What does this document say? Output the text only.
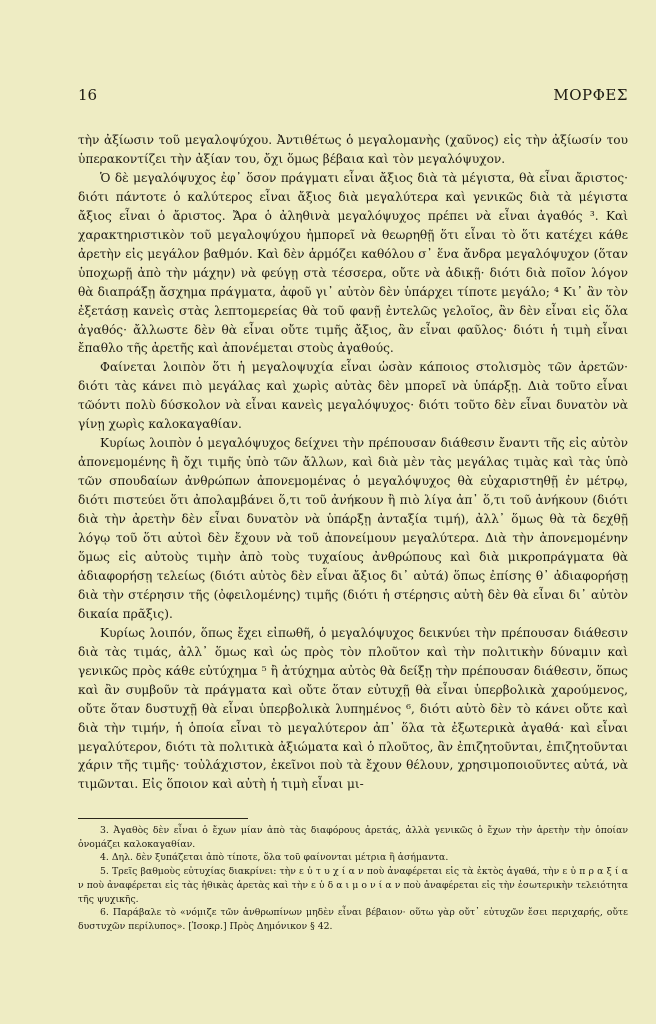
16	ΜΟΡΦΕΣ

τὴν ἀξίωσιν τοῦ μεγαλοψύχου. Ἀντιθέτως ὁ μεγαλομανὴς (χαῦνος) εἰς τὴν ἀξίωσίν του ὑπερακοντίζει τὴν ἀξίαν του, ὄχι ὅμως βέβαια καὶ τὸν μεγαλόψυχον.

Ὁ δὲ μεγαλόψυχος ἐφ᾽ ὅσον πράγματι εἶναι ἄξιος διὰ τὰ μέγιστα, θὰ εἶναι ἄριστος· διότι πάντοτε ὁ καλύτερος εἶναι ἄξιος διὰ μεγαλύτερα καὶ γενικῶς διὰ τὰ μέγιστα ἄξιος εἶναι ὁ ἄριστος. Ἄρα ὁ ἀληθινὰ μεγαλόψυχος πρέπει νὰ εἶναι ἀγαθός ³. Καὶ χαρακτηριστικὸν τοῦ μεγαλοψύχου ἠμπορεῖ νὰ θεωρηθῇ ὅτι εἶναι τὸ ὅτι κατέχει κάθε ἀρετὴν εἰς μεγάλον βαθμόν. Καὶ δὲν ἁρμόζει καθόλου σ᾽ ἕνα ἄνδρα μεγαλόψυχον (ὅταν ὑποχωρῇ ἀπὸ τὴν μάχην) νὰ φεύγῃ στὰ τέσσερα, οὔτε νὰ ἀδικῇ· διότι διὰ ποῖον λόγον θὰ διαπράξῃ ἄσχημα πράγματα, ἀφοῦ γι᾽ αὐτὸν δὲν ὑπάρχει τίποτε μεγάλο; ⁴ Κι᾽ ἂν τὸν ἐξετάσῃ κανεὶς στὰς λεπτομερείας θὰ τοῦ φανῇ ἐντελῶς γελοῖος, ἂν δὲν εἶναι εἰς ὅλα ἀγαθός· ἄλλωστε δὲν θὰ εἶναι οὔτε τιμῆς ἄξιος, ἂν εἶναι φαῦλος· διότι ἡ τιμὴ εἶναι ἔπαθλο τῆς ἀρετῆς καὶ ἀπονέμεται στοὺς ἀγαθούς.

Φαίνεται λοιπὸν ὅτι ἡ μεγαλοψυχία εἶναι ὡσὰν κάποιος στολισμὸς τῶν ἀρετῶν· διότι τὰς κάνει πιὸ μεγάλας καὶ χωρὶς αὐτὰς δὲν μπορεῖ νὰ ὑπάρξῃ. Διὰ τοῦτο εἶναι τῶόντι πολὺ δύσκολον νὰ εἶναι κανεὶς μεγαλόψυχος· διότι τοῦτο δὲν εἶναι δυνατὸν νὰ γίνῃ χωρὶς καλοκαγαθίαν.

Κυρίως λοιπὸν ὁ μεγαλόψυχος δείχνει τὴν πρέπουσαν διάθεσιν ἔναντι τῆς εἰς αὐτὸν ἀπονεμομένης ἢ ὄχι τιμῆς ὑπὸ τῶν ἄλλων, καὶ διὰ μὲν τὰς μεγάλας τιμὰς καὶ τὰς ὑπὸ τῶν σπουδαίων ἀνθρώπων ἀπονεμομένας ὁ μεγαλόψυχος θὰ εὐχαριστηθῇ ἐν μέτρῳ, διότι πιστεύει ὅτι ἀπολαμβάνει ὅ,τι τοῦ ἀνήκουν ἢ πιὸ λίγα ἀπ᾽ ὅ,τι τοῦ ἀνήκουν (διότι διὰ τὴν ἀρετὴν δὲν εἶναι δυνατὸν νὰ ὑπάρξῃ ἀνταξία τιμή), ἀλλ᾽ ὅμως θὰ τὰ δεχθῇ λόγῳ τοῦ ὅτι αὐτοὶ δὲν ἔχουν νὰ τοῦ ἀπονείμουν μεγαλύτερα. Διὰ τὴν ἀπονεμομένην ὅμως εἰς αὐτοὺς τιμὴν ἀπὸ τοὺς τυχαίους ἀνθρώπους καὶ διὰ μικροπράγματα θὰ ἀδιαφορήσῃ τελείως (διότι αὐτὸς δὲν εἶναι ἄξιος δι᾽ αὐτά) ὅπως ἐπίσης θ᾽ ἀδιαφορήσῃ διὰ τὴν στέρησιν τῆς (ὀφειλομένης) τιμῆς (διότι ἡ στέρησις αὐτὴ δὲν θὰ εἶναι δι᾽ αὐτὸν δικαία πρᾶξις).

Κυρίως λοιπόν, ὅπως ἔχει εἰπωθῆ, ὁ μεγαλόψυχος δεικνύει τὴν πρέπουσαν διάθεσιν διὰ τὰς τιμάς, ἀλλ᾽ ὅμως καὶ ὡς πρὸς τὸν πλοῦτον καὶ τὴν πολιτικὴν δύναμιν καὶ γενικῶς πρὸς κάθε εὐτύχημα ⁵ ἢ ἀτύχημα αὐτὸς θὰ δείξῃ τὴν πρέπουσαν διάθεσιν, ὅπως καὶ ἂν συμβοῦν τὰ πράγματα καὶ οὔτε ὅταν εὐτυχῇ θὰ εἶναι ὑπερβολικὰ χαρούμενος, οὔτε ὅταν δυστυχῇ θὰ εἶναι ὑπερβολικὰ λυπημένος ⁶, διότι αὐτὸ δὲν τὸ κάνει οὔτε καὶ διὰ τὴν τιμήν, ἡ ὁποία εἶναι τὸ μεγαλύτερον ἀπ᾽ ὅλα τὰ ἐξωτερικὰ ἀγαθά· καὶ εἶναι μεγαλύτερον, διότι τὰ πολιτικὰ ἀξιώματα καὶ ὁ πλοῦτος, ἂν ἐπιζητοῦνται, ἐπιζητοῦνται χάριν τῆς τιμῆς· τοὐλάχιστον, ἐκεῖνοι ποὺ τὰ ἔχουν θέλουν, χρησιμοποιοῦντες αὐτά, νὰ τιμῶνται. Εἰς ὅποιον καὶ αὐτὴ ἡ τιμὴ εἶναι μι-

3. Ἀγαθὸς δὲν εἶναι ὁ ἔχων μίαν ἀπὸ τὰς διαφόρους ἀρετάς, ἀλλὰ γενικῶς ὁ ἔχων τὴν ἀρετὴν τὴν ὁποίαν ὀνομάζει καλοκαγαθίαν.

4. Δηλ. δὲν ξυπάζεται ἀπὸ τίποτε, ὅλα τοῦ φαίνονται μέτρια ἢ ἀσήμαντα.

5. Τρεῖς βαθμοὺς εὐτυχίας διακρίνει: τὴν ε ὐ τ υ χ ί α ν ποὺ ἀναφέρεται εἰς τὰ ἐκτὸς ἀγαθά, τὴν ε ὐ π ρ α ξ ί α ν ποὺ ἀναφέρεται εἰς τὰς ἠθικὰς ἀρετὰς καὶ τὴν ε ὐ δ α ι μ ο ν ί α ν ποὺ ἀναφέρεται εἰς τὴν ἐσωτερικὴν τελειότητα τῆς ψυχικῆς.

6. Παράβαλε τὸ «νόμιζε τῶν ἀνθρωπίνων μηδὲν εἶναι βέβαιον· οὕτω γὰρ οὔτ᾽ εὐτυχῶν ἔσει περιχαρής, οὔτε δυστυχῶν περίλυπος». [Ἰσοκρ.] Πρὸς Δημόνικον § 42.
